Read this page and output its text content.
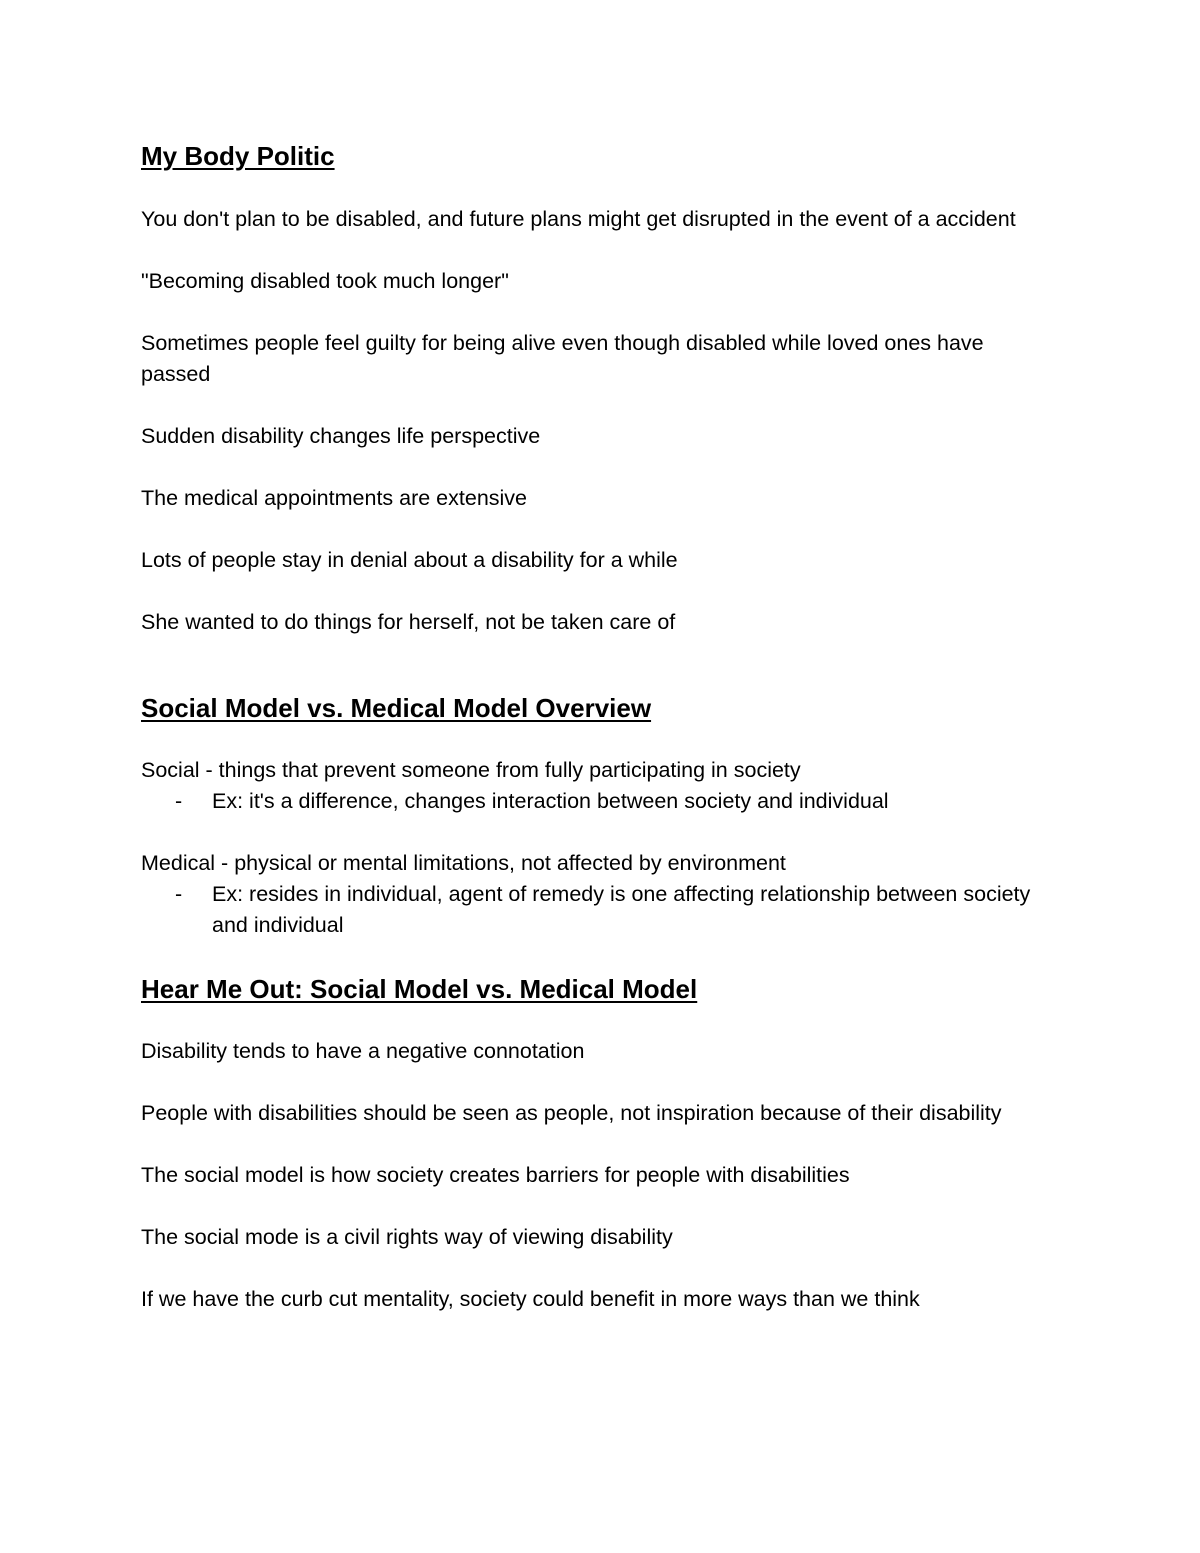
My Body Politic

You don't plan to be disabled, and future plans might get disrupted in the event of a accident

"Becoming disabled took much longer"

Sometimes people feel guilty for being alive even though disabled while loved ones have passed

Sudden disability changes life perspective

The medical appointments are extensive

Lots of people stay in denial about a disability for a while

She wanted to do things for herself, not be taken care of

Social Model vs. Medical Model Overview

Social - things that prevent someone from fully participating in society

- Ex: it's a difference, changes interaction between society and individual

Medical - physical or mental limitations, not affected by environment

- Ex: resides in individual, agent of remedy is one affecting relationship between society and individual
Hear Me Out: Social Model vs. Medical Model

Disability tends to have a negative connotation

People with disabilities should be seen as people, not inspiration because of their disability

The social model is how society creates barriers for people with disabilities

The social mode is a civil rights way of viewing disability

If we have the curb cut mentality, society could benefit in more ways than we think
